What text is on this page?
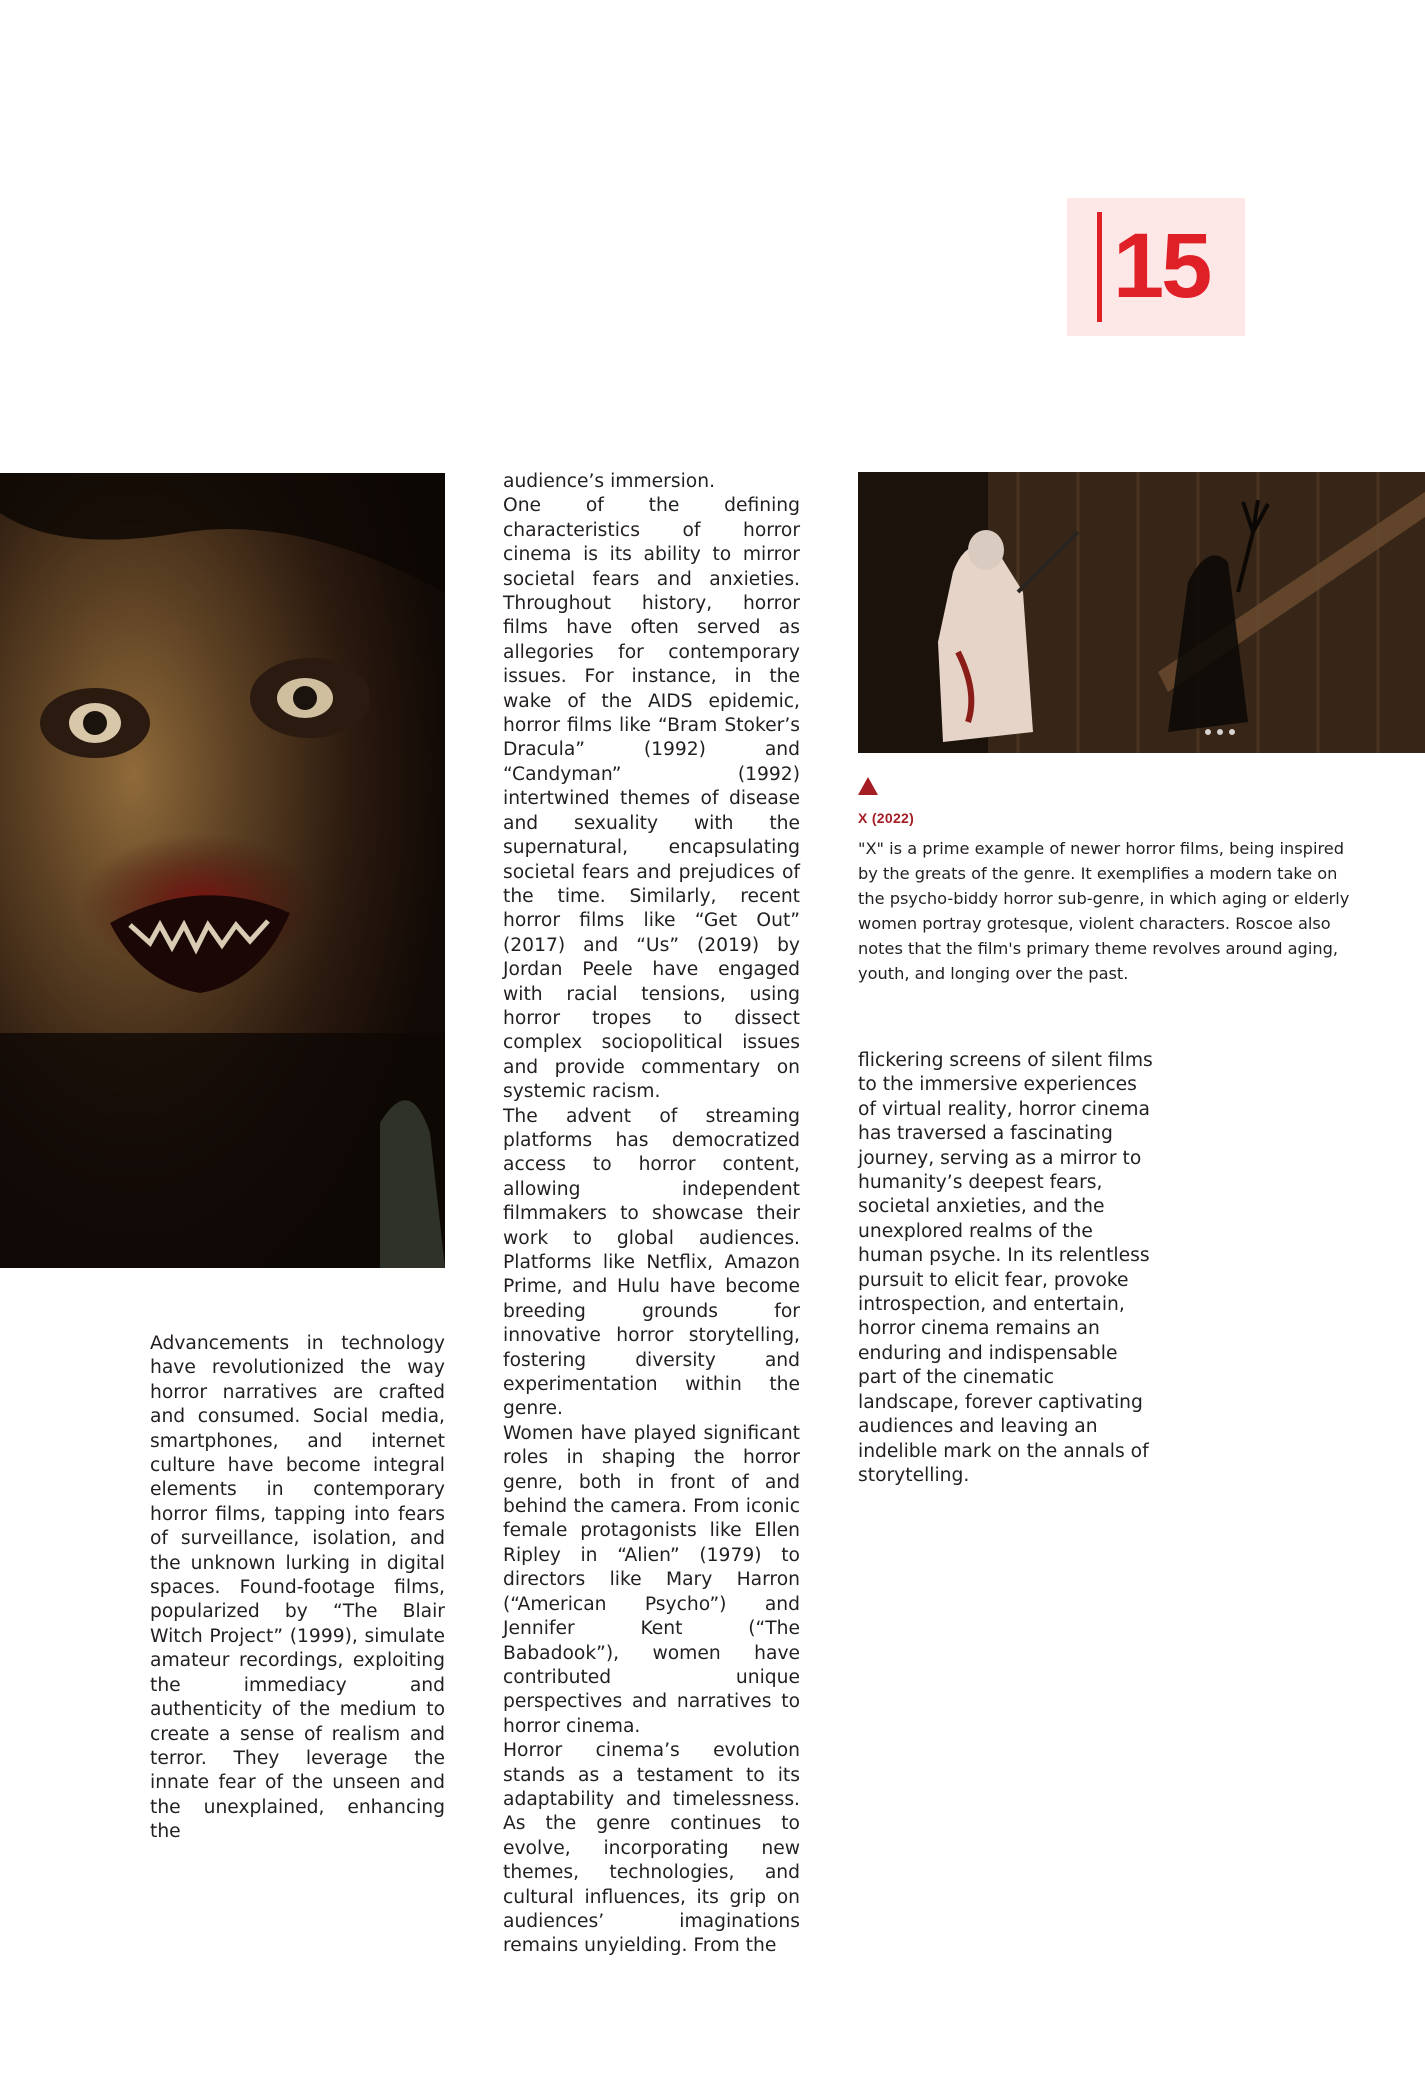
15
X (2022)
"X" is a prime example of newer horror films, being inspired by the greats of the genre. It exemplifies a modern take on the psycho-biddy horror sub-genre, in which aging or elderly women portray grotesque, violent characters. Roscoe also notes that the film's primary theme revolves around aging, youth, and longing over the past.

Advancements in technology have revolutionized the way horror narratives are crafted and consumed. Social media, smartphones, and internet culture have become integral elements in contemporary horror films, tapping into fears of surveillance, isolation, and the unknown lurking in digital spaces. Found-footage films, popularized by “The Blair Witch Project” (1999), simulate amateur recordings, exploiting the immediacy and authenticity of the medium to create a sense of realism and terror. They leverage the innate fear of the unseen and the unexplained, enhancing the

audience’s immersion.

One of the defining characteristics of horror cinema is its ability to mirror societal fears and anxieties. Throughout history, horror films have often served as allegories for contemporary issues. For instance, in the wake of the AIDS epidemic, horror films like “Bram Stoker’s Dracula” (1992) and “Candyman” (1992) intertwined themes of disease and sexuality with the supernatural, encapsulating societal fears and prejudices of the time. Similarly, recent horror films like “Get Out” (2017) and “Us” (2019) by Jordan Peele have engaged with racial tensions, using horror tropes to dissect complex sociopolitical issues and provide commentary on systemic racism.

The advent of streaming platforms has democratized access to horror content, allowing independent filmmakers to showcase their work to global audiences. Platforms like Netflix, Amazon Prime, and Hulu have become breeding grounds for innovative horror storytelling, fostering diversity and experimentation within the genre.

Women have played significant roles in shaping the horror genre, both in front of and behind the camera. From iconic female protagonists like Ellen Ripley in “Alien” (1979) to directors like Mary Harron (“American Psycho”) and Jennifer Kent (“The Babadook”), women have contributed unique perspectives and narratives to horror cinema.

Horror cinema’s evolution stands as a testament to its adaptability and timelessness. As the genre continues to evolve, incorporating new themes, technologies, and cultural influences, its grip on audiences’ imaginations remains unyielding. From the

flickering screens of silent films to the immersive experiences of virtual reality, horror cinema has traversed a fascinating journey, serving as a mirror to humanity’s deepest fears, societal anxieties, and the unexplored realms of the human psyche. In its relentless pursuit to elicit fear, provoke introspection, and entertain, horror cinema remains an enduring and indispensable part of the cinematic landscape, forever captivating audiences and leaving an indelible mark on the annals of storytelling.
